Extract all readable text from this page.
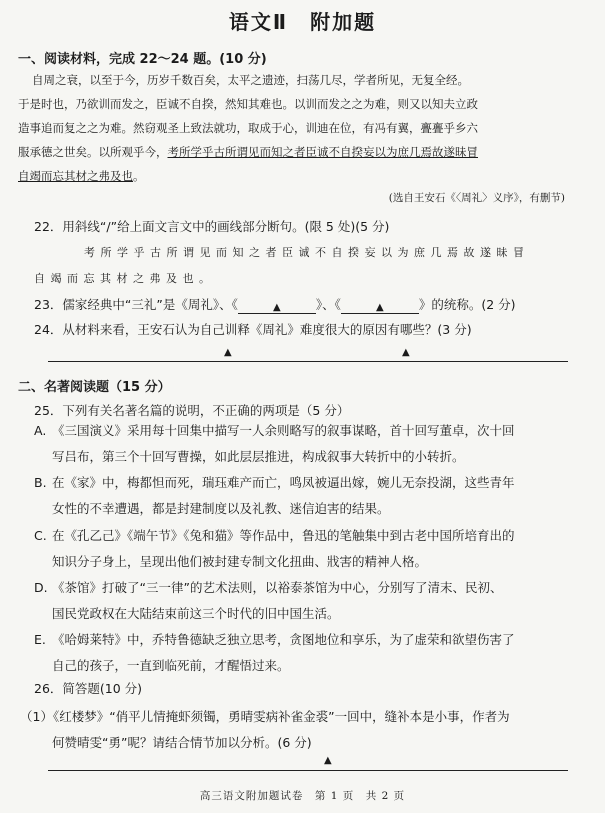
语文Ⅱ　附加题
一、阅读材料，完成 22～24 题。(10 分)

自周之衰，以至于今，历岁千数百矣，太平之遗迹，扫荡几尽，学者所见，无复全经。

于是时也，乃欲训而发之，臣诚不自揆，然知其难也。以训而发之之为难，则又以知夫立政

造事追而复之之为难。然窃观圣上致法就功，取成于心，训迪在位，有冯有翼，亹亹乎乡六

服承德之世矣。以所观乎今，考所学乎古所谓见而知之者臣诚不自揆妄以为庶几焉故遂昧冒

自竭而忘其材之弗及也。

(选自王安石《〈周礼〉义序》，有删节)
22．用斜线“/”给上面文言文中的画线部分断句。(限 5 处)(5 分)
考所学乎古所谓见而知之者臣诚不自揆妄以为庶几焉故遂昧冒
自竭而忘其材之弗及也。
23．儒家经典中“三礼”是《周礼》、《	▲	》、《	▲	》的统称。(2 分)
24．从材料来看，王安石认为自己训释《周礼》难度很大的原因有哪些？(3 分)
▲	▲
二、名著阅读题（15 分）
25．下列有关名著名篇的说明，不正确的两项是（5 分）
A. 《三国演义》采用每十回集中描写一人余则略写的叙事谋略，首十回写董卓，次十回
写吕布，第三个十回写曹操，如此层层推进，构成叙事大转折中的小转折。
B. 在《家》中，梅都怛而死，瑞珏难产而亡，鸣凤被逼出嫁，婉儿无奈投湖，这些青年
女性的不幸遭遇，都是封建制度以及礼教、迷信迫害的结果。
C. 在《孔乙己》《端午节》《兔和猫》等作品中，鲁迅的笔触集中到古老中国所培育出的
知识分子身上，呈现出他们被封建专制文化扭曲、戕害的精神人格。
D. 《茶馆》打破了“三一律”的艺术法则，以裕泰茶馆为中心，分别写了清末、民初、
国民党政权在大陆结束前这三个时代的旧中国生活。
E. 《哈姆莱特》中，乔特鲁德缺乏独立思考，贪图地位和享乐，为了虚荣和欲望伤害了
自己的孩子，一直到临死前，才醒悟过来。
26．简答题(10 分)
（1）《红楼梦》“俏平儿情掩虾须镯，勇晴雯病补雀金裘”一回中，缝补本是小事，作者为
何赞晴雯“勇”呢？请结合情节加以分析。(6 分)
▲
高三语文附加题试卷　第 1 页　共 2 页
